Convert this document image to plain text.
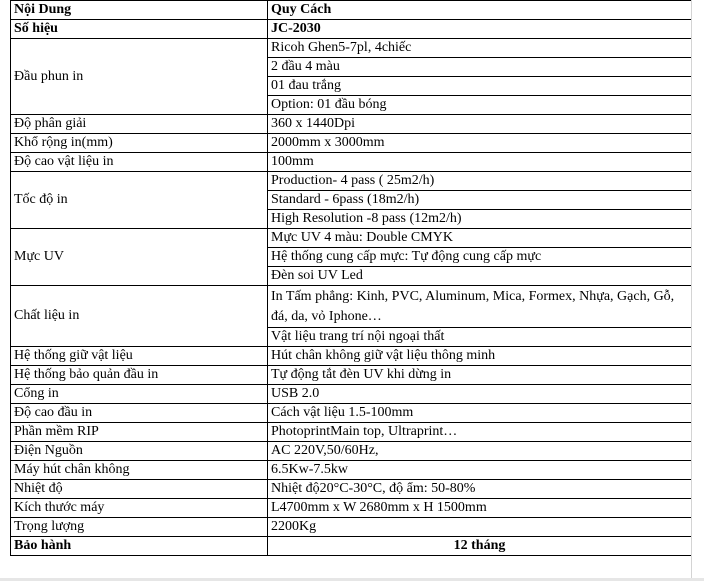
Nội Dung	Quy Cách
Số hiệu	JC-2030
Đầu phun in	Ricoh Ghen5-7pl, 4chiếc
	2 đầu 4 màu
	01 đau trắng
	Option: 01 đầu bóng
Độ phân giải	360 x 1440Dpi
Khổ rộng in(mm)	2000mm x 3000mm
Độ cao vật liệu in	100mm
Tốc độ in	Production- 4 pass ( 25m2/h)
	Standard - 6pass (18m2/h)
	High Resolution -8 pass (12m2/h)
Mực UV	Mực UV 4 màu: Double CMYK
	Hệ thống cung cấp mực: Tự động cung cấp mực
	Đèn soi UV Led
Chất liệu in	In Tấm phẳng: Kinh, PVC, Aluminum, Mica, Formex, Nhựa, Gạch, Gỗ, đá, da, vỏ Iphone…
	Vật liệu trang trí nội ngoại thất
Hệ thống giữ vật liệu	Hút chân không giữ vật liệu thông minh
Hệ thống bảo quản đầu in	Tự động tắt đèn UV khi dừng in
Cổng in	USB 2.0
Độ cao đầu in	Cách vật liệu 1.5-100mm
Phần mềm RIP	PhotoprintMain top, Ultraprint…
Điện Nguồn	AC 220V,50/60Hz,
Máy hút chân không	6.5Kw-7.5kw
Nhiệt độ	Nhiệt độ20°C-30°C, độ ẩm: 50-80%
Kích thước máy	L4700mm x W 2680mm x H 1500mm
Trọng lượng	2200Kg
Bảo hành	12 tháng
